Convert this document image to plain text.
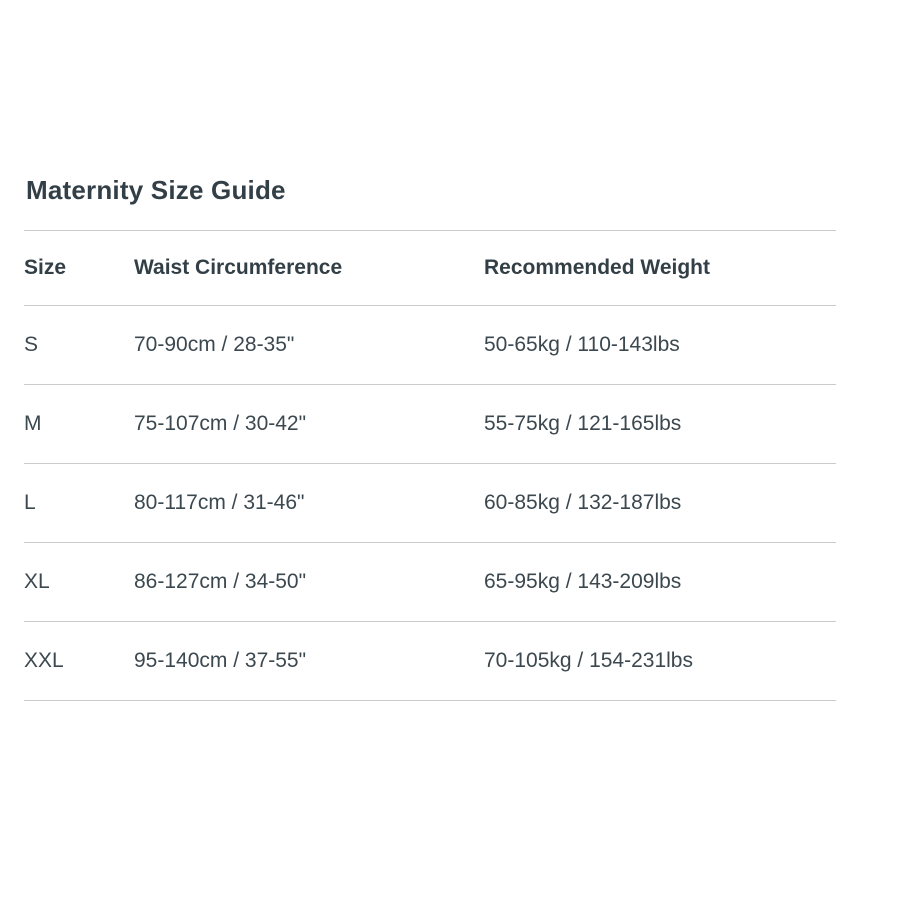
Maternity Size Guide
Size	Waist Circumference	Recommended Weight
S	70-90cm / 28-35"	50-65kg / 110-143lbs
M	75-107cm / 30-42"	55-75kg / 121-165lbs
L	80-117cm / 31-46"	60-85kg / 132-187lbs
XL	86-127cm / 34-50"	65-95kg / 143-209lbs
XXL	95-140cm / 37-55"	70-105kg / 154-231lbs
